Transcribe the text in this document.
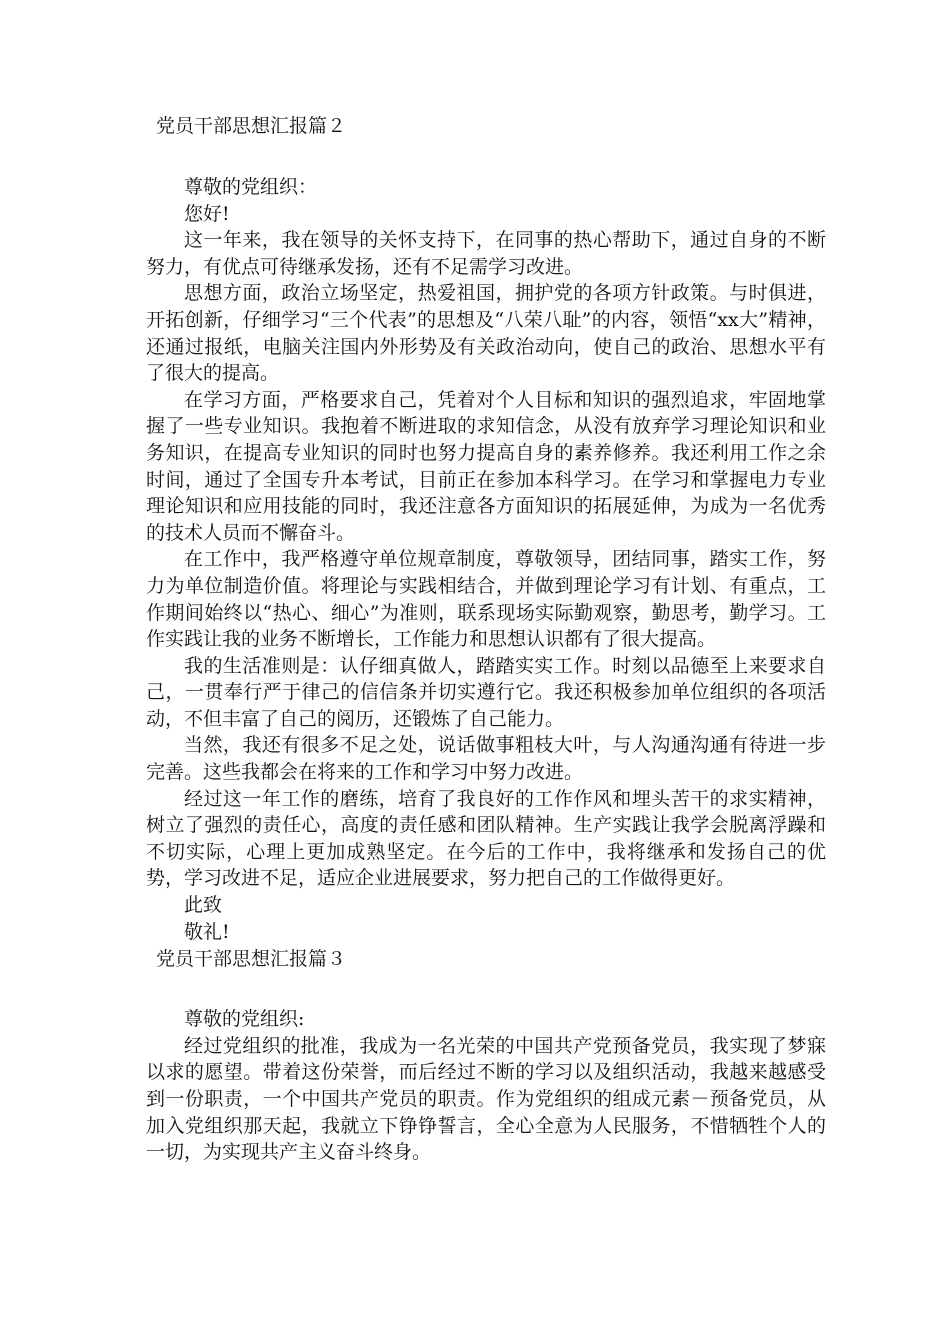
党员干部思想汇报篇２

尊敬的党组织：

您好!

这一年来，我在领导的关怀支持下，在同事的热心帮助下，通过自身的不断努力，有优点可待继承发扬，还有不足需学习改进。

思想方面，政治立场坚定，热爱祖国，拥护党的各项方针政策。与时俱进，开拓创新，仔细学习“三个代表”的思想及“八荣八耻”的内容，领悟“xx大”精神，还通过报纸，电脑关注国内外形势及有关政治动向，使自己的政治、思想水平有了很大的提高。

在学习方面，严格要求自己，凭着对个人目标和知识的强烈追求，牢固地掌握了一些专业知识。我抱着不断进取的求知信念，从没有放弃学习理论知识和业务知识，在提高专业知识的同时也努力提高自身的素养修养。我还利用工作之余时间，通过了全国专升本考试，目前正在参加本科学习。在学习和掌握电力专业理论知识和应用技能的同时，我还注意各方面知识的拓展延伸，为成为一名优秀的技术人员而不懈奋斗。

在工作中，我严格遵守单位规章制度，尊敬领导，团结同事，踏实工作，努力为单位制造价值。将理论与实践相结合，并做到理论学习有计划、有重点，工作期间始终以“热心、细心”为准则，联系现场实际勤观察，勤思考，勤学习。工作实践让我的业务不断增长，工作能力和思想认识都有了很大提高。

我的生活准则是：认仔细真做人，踏踏实实工作。时刻以品德至上来要求自己，一贯奉行严于律己的信信条并切实遵行它。我还积极参加单位组织的各项活动，不但丰富了自己的阅历，还锻炼了自己能力。

当然，我还有很多不足之处，说话做事粗枝大叶，与人沟通沟通有待进一步完善。这些我都会在将来的工作和学习中努力改进。

经过这一年工作的磨练，培育了我良好的工作作风和埋头苦干的求实精神，树立了强烈的责任心，高度的责任感和团队精神。生产实践让我学会脱离浮躁和不切实际，心理上更加成熟坚定。在今后的工作中，我将继承和发扬自己的优势，学习改进不足，适应企业进展要求，努力把自己的工作做得更好。

此致

敬礼!

党员干部思想汇报篇３

尊敬的党组织:

经过党组织的批准，我成为一名光荣的中国共产党预备党员，我实现了梦寐以求的愿望。带着这份荣誉，而后经过不断的学习以及组织活动，我越来越感受到一份职责，一个中国共产党员的职责。作为党组织的组成元素－预备党员，从加入党组织那天起，我就立下铮铮誓言，全心全意为人民服务，不惜牺牲个人的一切，为实现共产主义奋斗终身。
